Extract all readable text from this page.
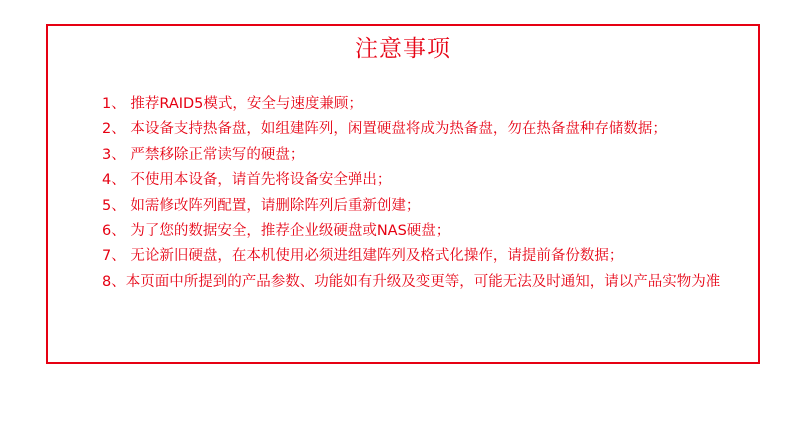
注意事项
1、 推荐RAID5模式，安全与速度兼顾；
2、 本设备支持热备盘，如组建阵列，闲置硬盘将成为热备盘，勿在热备盘种存储数据；
3、 严禁移除正常读写的硬盘；
4、 不使用本设备，请首先将设备安全弹出；
5、 如需修改阵列配置，请删除阵列后重新创建；
6、 为了您的数据安全，推荐企业级硬盘或NAS硬盘；
7、 无论新旧硬盘，在本机使用必须进组建阵列及格式化操作，请提前备份数据；
8、本页面中所提到的产品参数、功能如有升级及变更等，可能无法及时通知，请以产品实物为准
